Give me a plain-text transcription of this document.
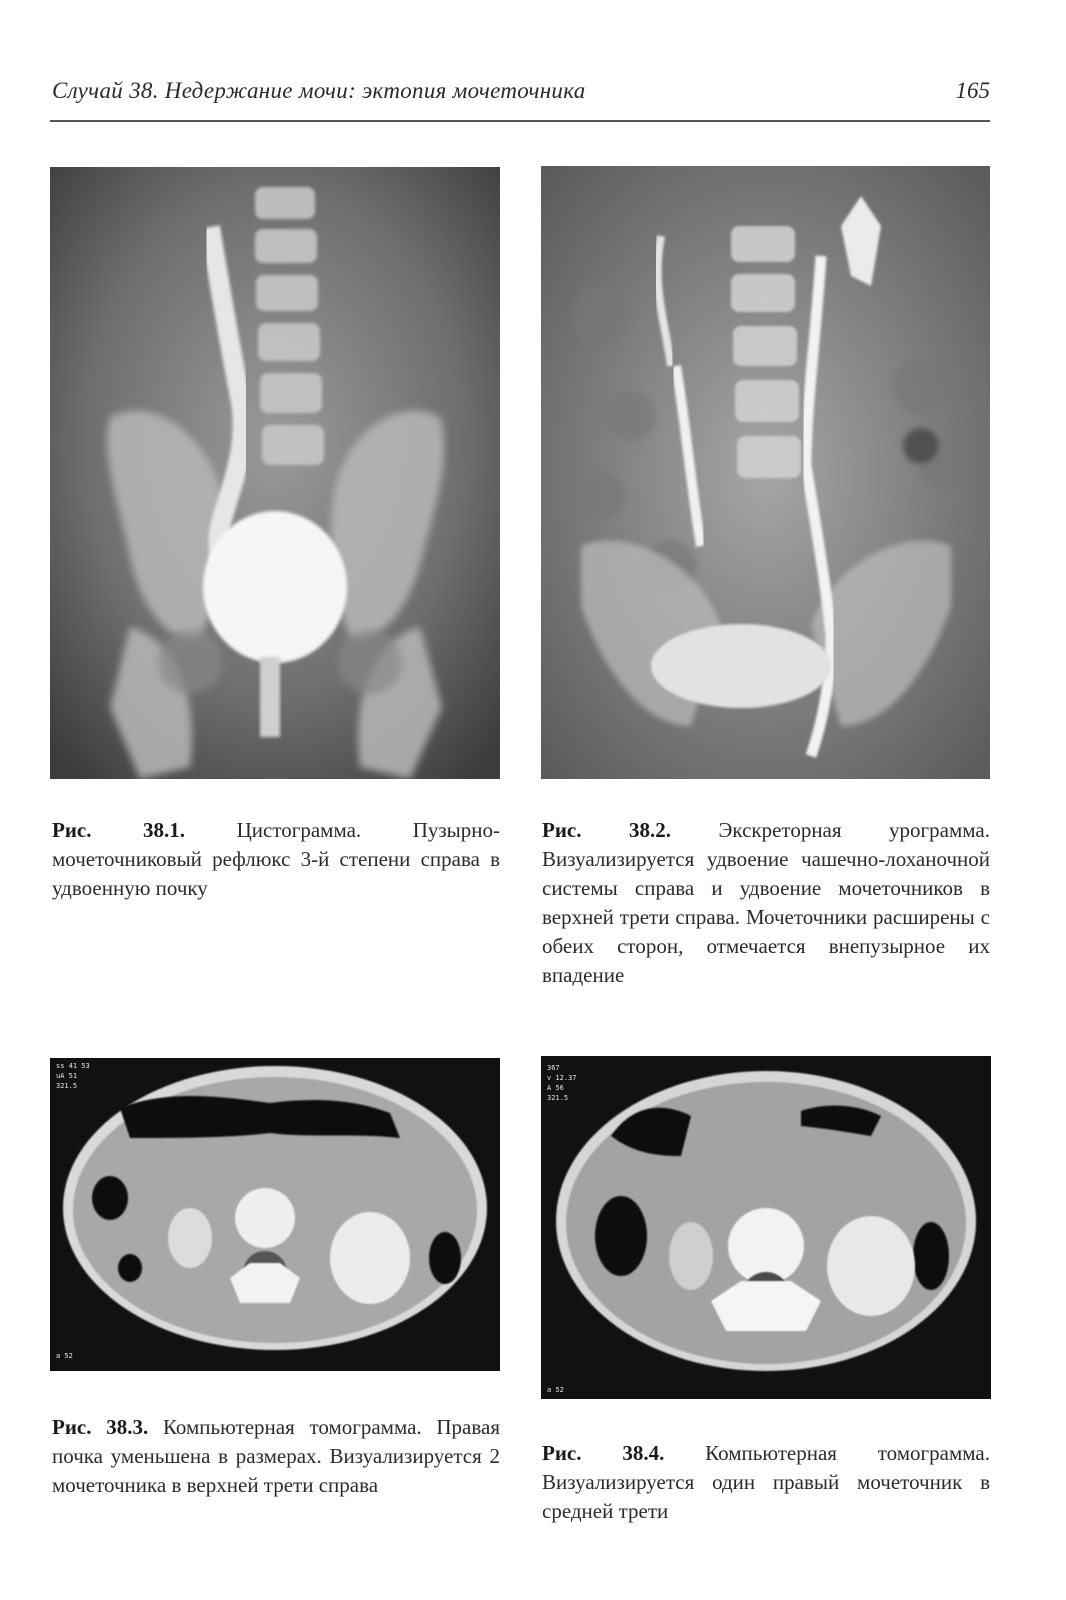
Случай 38. Недержание мочи: эктопия мочеточника	165
ss 41 53
uA 51
321.5
a 52
367
v 12.37
A 56
321.5
a 52

Рис. 38.1. Цистограмма. Пузырно-мочеточниковый рефлюкс 3-й степени справа в удвоенную почку

Рис. 38.2. Экскреторная урограмма. Визуализируется удвоение чашечно-лоханочной системы справа и удвоение мочеточников в верхней трети справа. Мочеточники расширены с обеих сторон, отмечается внепузырное их впадение

Рис. 38.3. Компьютерная томограмма. Правая почка уменьшена в размерах. Визуализируется 2 мочеточника в верхней трети справа

Рис. 38.4. Компьютерная томограмма. Визуализируется один правый мочеточник в средней трети
